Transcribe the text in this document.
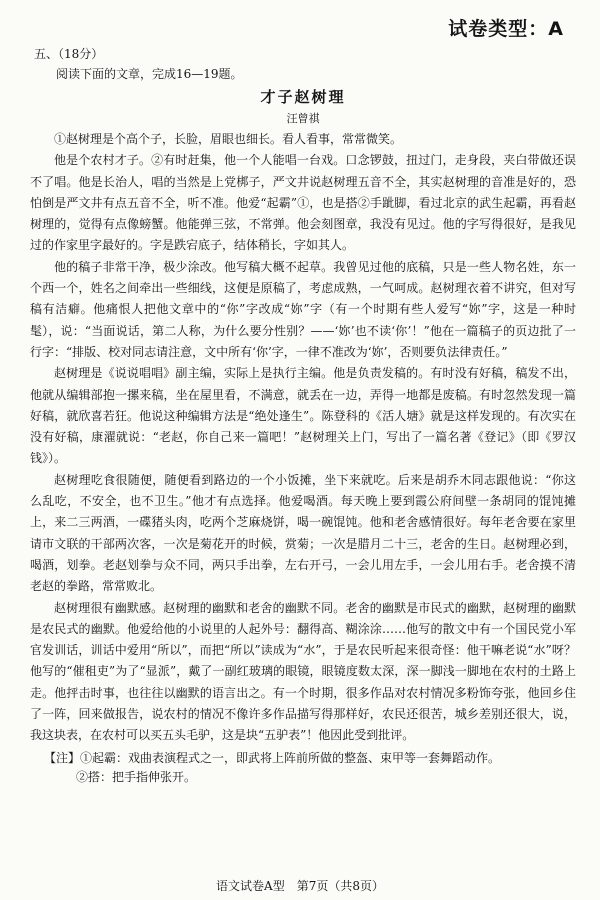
试卷类型：A
五、（18分）
阅读下面的文章，完成16—19题。
才子赵树理
汪曾祺

①赵树理是个高个子，长脸，眉眼也细长。看人看事，常常微笑。

他是个农村才子。②有时赶集，他一个人能唱一台戏。口念锣鼓，扭过门，走身段，夹白带做还误不了唱。他是长治人，唱的当然是上党梆子，严文井说赵树理五音不全，其实赵树理的音准是好的，恐怕倒是严文井有点五音不全，听不准。他爱“起霸”①，也是搭②手跐脚，看过北京的武生起霸，再看赵树理的，觉得有点像螃蟹。他能弹三弦，不常弹。他会刻图章，我没有见过。他的字写得很好，是我见过的作家里字最好的。字是跌宕底子，结体稍长，字如其人。

他的稿子非常干净，极少涂改。他写稿大概不起草。我曾见过他的底稿，只是一些人物名姓，东一个西一个，姓名之间牵出一些细线，这便是原稿了，考虑成熟，一气呵成。赵树理衣着不讲究，但对写稿有洁癖。他痛恨人把他文章中的“你”字改成“妳”字（有一个时期有些人爱写“妳”字，这是一种时髦），说：“当面说话，第二人称，为什么要分性别？——‘妳’也不读‘你’！”他在一篇稿子的页边批了一行字：“排版、校对同志请注意，文中所有‘你’字，一律不准改为‘妳’，否则要负法律责任。”

赵树理是《说说唱唱》副主编，实际上是执行主编。他是负责发稿的。有时没有好稿，稿发不出，他就从编辑部抱一摞来稿，坐在屋里看，不满意，就丢在一边，弄得一地都是废稿。有时忽然发现一篇好稿，就欣喜若狂。他说这种编辑方法是“绝处逢生”。陈登科的《活人塘》就是这样发现的。有次实在没有好稿，康濯就说：“老赵，你自己来一篇吧！”赵树理关上门，写出了一篇名著《登记》（即《罗汉钱》）。

赵树理吃食很随便，随便看到路边的一个小饭摊，坐下来就吃。后来是胡乔木同志跟他说：“你这么乱吃，不安全，也不卫生。”他才有点选择。他爱喝酒。每天晚上要到霞公府间壁一条胡同的馄饨摊上，来二三两酒，一碟猪头肉，吃两个芝麻烧饼，喝一碗馄饨。他和老舍感情很好。每年老舍要在家里请市文联的干部两次客，一次是菊花开的时候，赏菊；一次是腊月二十三，老舍的生日。赵树理必到，喝酒，划拳。老赵划拳与众不同，两只手出拳，左右开弓，一会儿用左手，一会儿用右手。老舍摸不清老赵的拳路，常常败北。

赵树理很有幽默感。赵树理的幽默和老舍的幽默不同。老舍的幽默是市民式的幽默，赵树理的幽默是农民式的幽默。他爱给他的小说里的人起外号：翻得高、糊涂涂……他写的散文中有一个国民党小军官发训话，训话中爱用“所以”，而把“所以”读成为“水”，于是农民听起来很奇怪：他干嘛老说“水”呀？他写的“催租吏”为了“显派”，戴了一副红玻璃的眼镜，眼镜度数太深，深一脚浅一脚地在农村的土路上走。他抨击时事，也往往以幽默的语言出之。有一个时期，很多作品对农村情况多粉饰夸张，他回乡住了一阵，回来做报告，说农村的情况不像许多作品描写得那样好，农民还很苦，城乡差别还很大，说，我这块表，在农村可以买五头毛驴，这是块“五驴表”！他因此受到批评。

【注】①起霸：戏曲表演程式之一，即武将上阵前所做的整盔、束甲等一套舞蹈动作。

②搭：把手指伸张开。

语文试卷A型　第7页（共8页）
